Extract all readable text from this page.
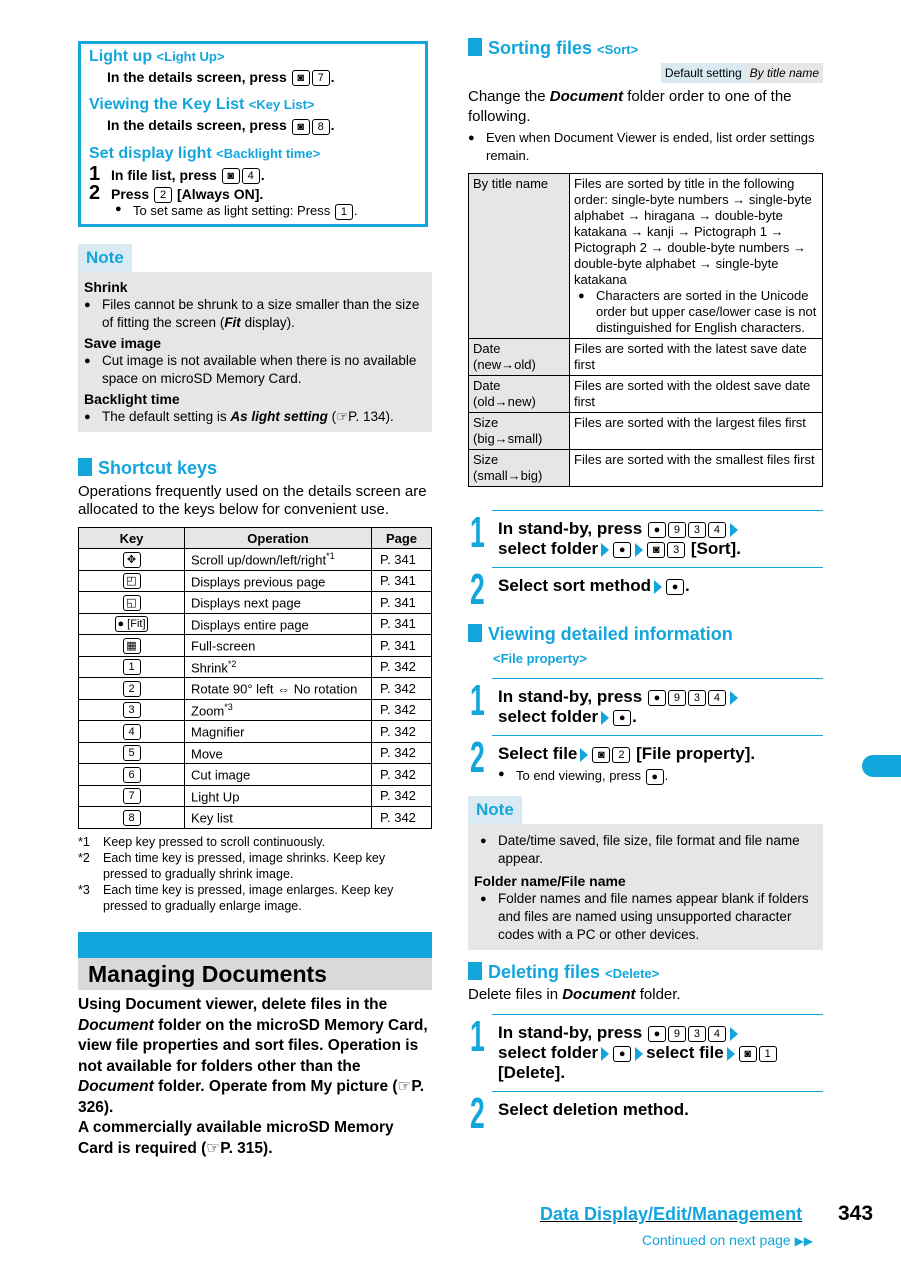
Light up <Light Up>
In the details screen, press ◙ 7 .
Viewing the Key List <Key List>
In the details screen, press ◙ 8 .
Set display light <Backlight time>
1 In file list, press ◙ 4 .
2 Press 2 [Always ON].
● To set same as light setting: Press 1 .
Note
Shrink
● Files cannot be shrunk to a size smaller than the size of fitting the screen (Fit display).
Save image
● Cut image is not available when there is no available space on microSD Memory Card.
Backlight time
● The default setting is As light setting (☞P. 134).
Shortcut keys
Operations frequently used on the details screen are allocated to the keys below for convenient use.
Key	Operation	Page
✥	Scroll up/down/left/right$^{*1}$	P. 341
◰	Displays previous page	P. 341
◱	Displays next page	P. 341
● [Fit]	Displays entire page	P. 341
▦	Full-screen	P. 341
1	Shrink$^{*2}$	P. 342
2	Rotate 90° left ⇔ No rotation	P. 342
3	Zoom$^{*3}$	P. 342
4	Magnifier	P. 342
5	Move	P. 342
6	Cut image	P. 342
7	Light Up	P. 342
8	Key list	P. 342
*1	Keep key pressed to scroll continuously.
*2	Each time key is pressed, image shrinks. Keep key pressed to gradually shrink image.
*3	Each time key is pressed, image enlarges. Keep key pressed to gradually enlarge image.
Managing Documents
Using Document viewer, delete files in the Document folder on the microSD Memory Card, view file properties and sort files. Operation is not available for folders other than the Document folder. Operate from My picture (☞P. 326).
A commercially available microSD Memory Card is required (☞P. 315).
Sorting files <Sort>
Default setting By title name
Change the Document folder order to one of the following.
● Even when Document Viewer is ended, list order settings remain.
By title name	Files are sorted by title in the following order: single-byte numbers → single-byte alphabet → hiragana → double-byte katakana → kanji → Pictograph 1 → Pictograph 2 → double-byte numbers → double-byte alphabet → single-byte katakana
● Characters are sorted in the Unicode order but upper case/lower case is not distinguished for English characters.

Date (new→old)	Files are sorted with the latest save date first

Date (old→new)	Files are sorted with the oldest save date first

Size (big→small)	Files are sorted with the largest files first

Size (small→big)	Files are sorted with the smallest files first
1 In stand-by, press ● 9 3 4
select folder ● ◙ 3 [Sort].
2 Select sort method ● .
Viewing detailed information
<File property>
1 In stand-by, press ● 9 3 4
select folder ● .
2 Select file ◙ 2 [File property].
● To end viewing, press ● .
Note
● Date/time saved, file size, file format and file name appear.
Folder name/File name
● Folder names and file names appear blank if folders and files are named using unsupported character codes with a PC or other devices.
Deleting files <Delete>
Delete files in Document folder.
1 In stand-by, press ● 9 3 4
select folder ● select file ◙ 1
[Delete].
2 Select deletion method.
Data Display/Edit/Management 343
Continued on next page ▶▶
